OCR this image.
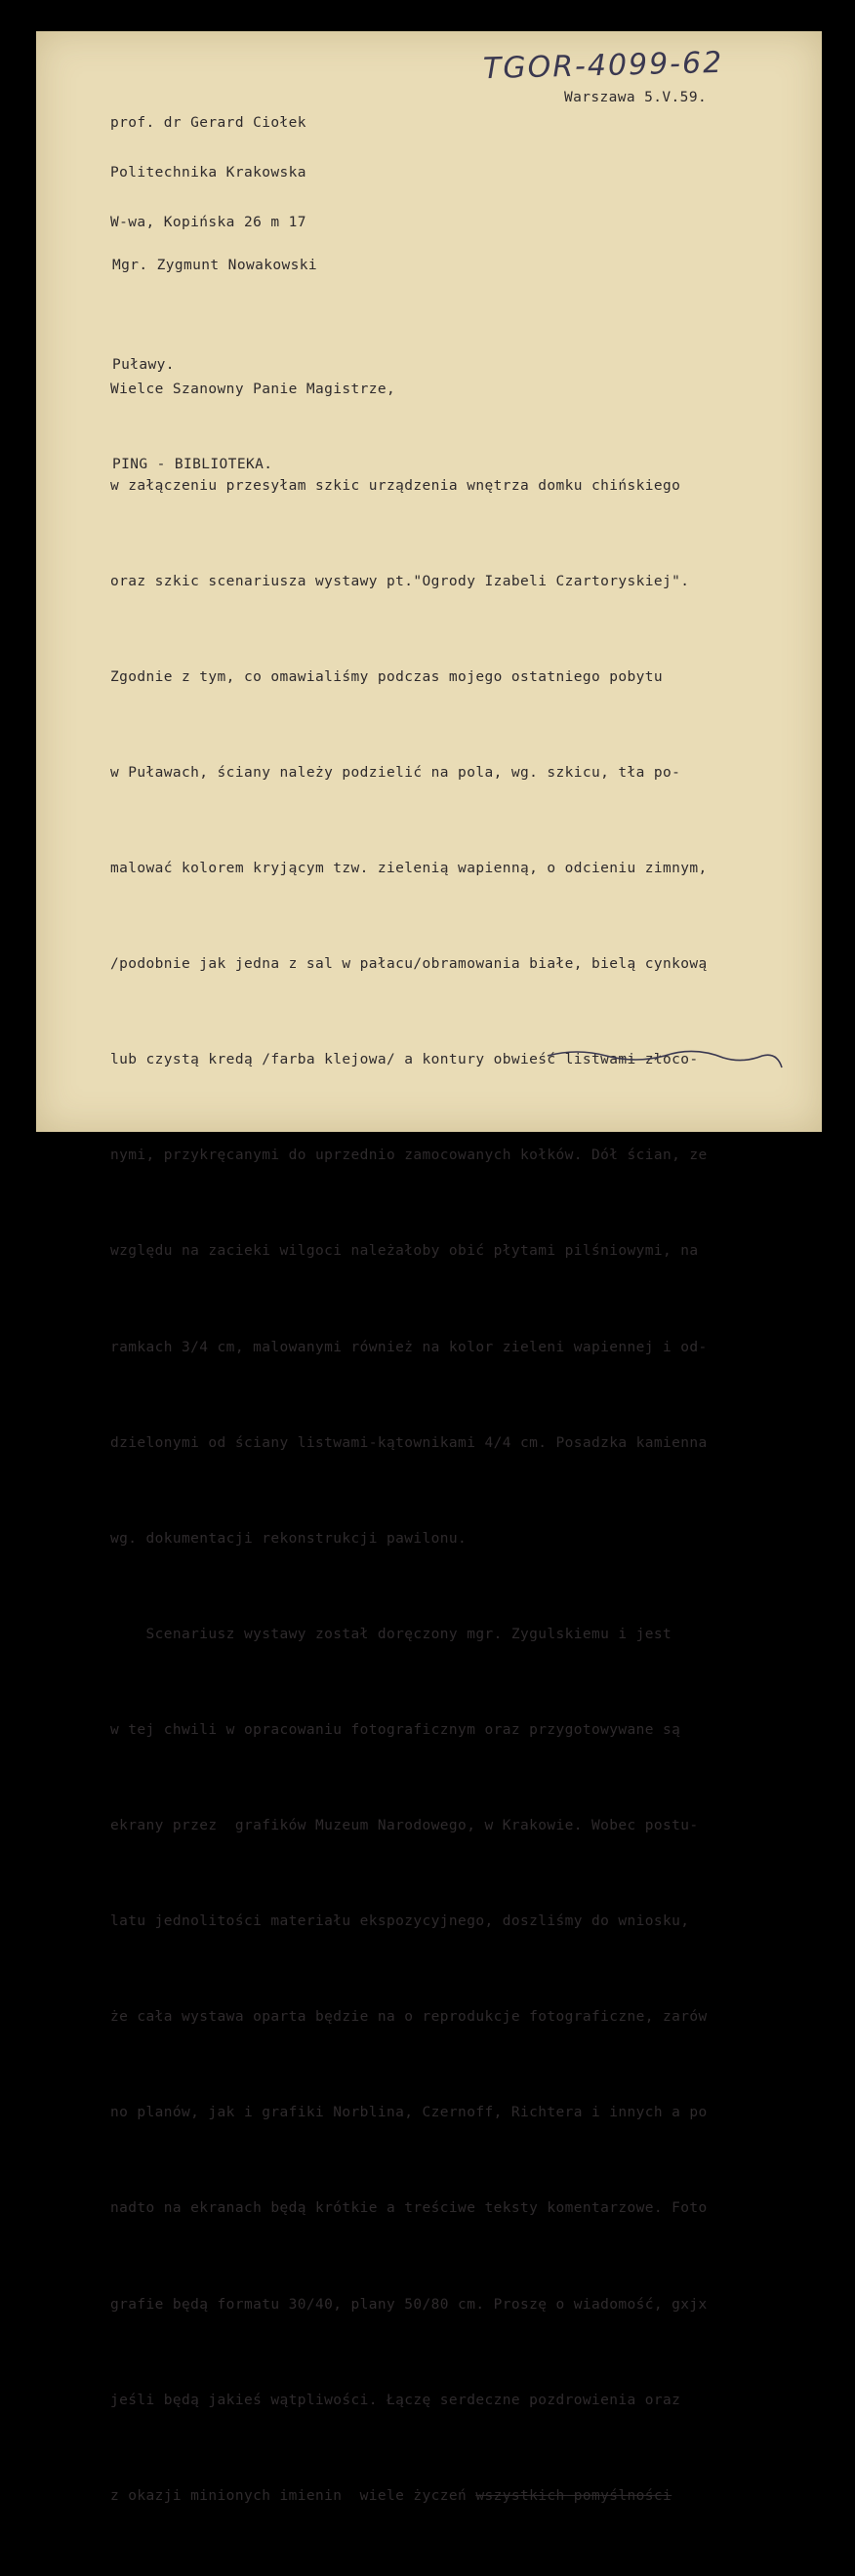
TGOR-4099-62

prof. dr Gerard Ciołek

Politechnika Krakowska

W-wa, Kopińska 26 m 17

Warszawa 5.V.59.

Mgr. Zygmunt Nowakowski

Puławy.

PING - BIBLIOTEKA.

Wielce Szanowny Panie Magistrze,

w załączeniu przesyłam szkic urządzenia wnętrza domku chińskiego

oraz szkic scenariusza wystawy pt."Ogrody Izabeli Czartoryskiej".

Zgodnie z tym, co omawialiśmy podczas mojego ostatniego pobytu

w Puławach, ściany należy podzielić na pola, wg. szkicu, tła po-

malować kolorem kryjącym tzw. zielenią wapienną, o odcieniu zimnym,

/podobnie jak jedna z sal w pałacu/obramowania białe, bielą cynkową

lub czystą kredą /farba klejowa/ a kontury obwieść listwami złoco-

nymi, przykręcanymi do uprzednio zamocowanych kołków. Dół ścian, ze

względu na zacieki wilgoci należałoby obić płytami pilśniowymi, na

ramkach 3/4 cm, malowanymi również na kolor zieleni wapiennej i od-

dzielonymi od ściany listwami-kątownikami 4/4 cm. Posadzka kamienna

wg. dokumentacji rekonstrukcji pawilonu.

Scenariusz wystawy został doręczony mgr. Zygulskiemu i jest

w tej chwili w opracowaniu fotograficznym oraz przygotowywane są

ekrany przez  grafików Muzeum Narodowego, w Krakowie. Wobec postu-

latu jednolitości materiału ekspozycyjnego, doszliśmy do wniosku,

że cała wystawa oparta będzie na o reprodukcje fotograficzne, zarów

no planów, jak i grafiki Norblina, Czernoff, Richtera i innych a po

nadto na ekranach będą krótkie a treściwe teksty komentarzowe. Foto

grafie będą formatu 30/40, plany 50/80 cm. Proszę o wiadomość, gxjx

jeśli będą jakieś wątpliwości. Łączę serdeczne pozdrowienia oraz

z okazji minionych imienin  wiele życzeń wszystkich pomyślności
